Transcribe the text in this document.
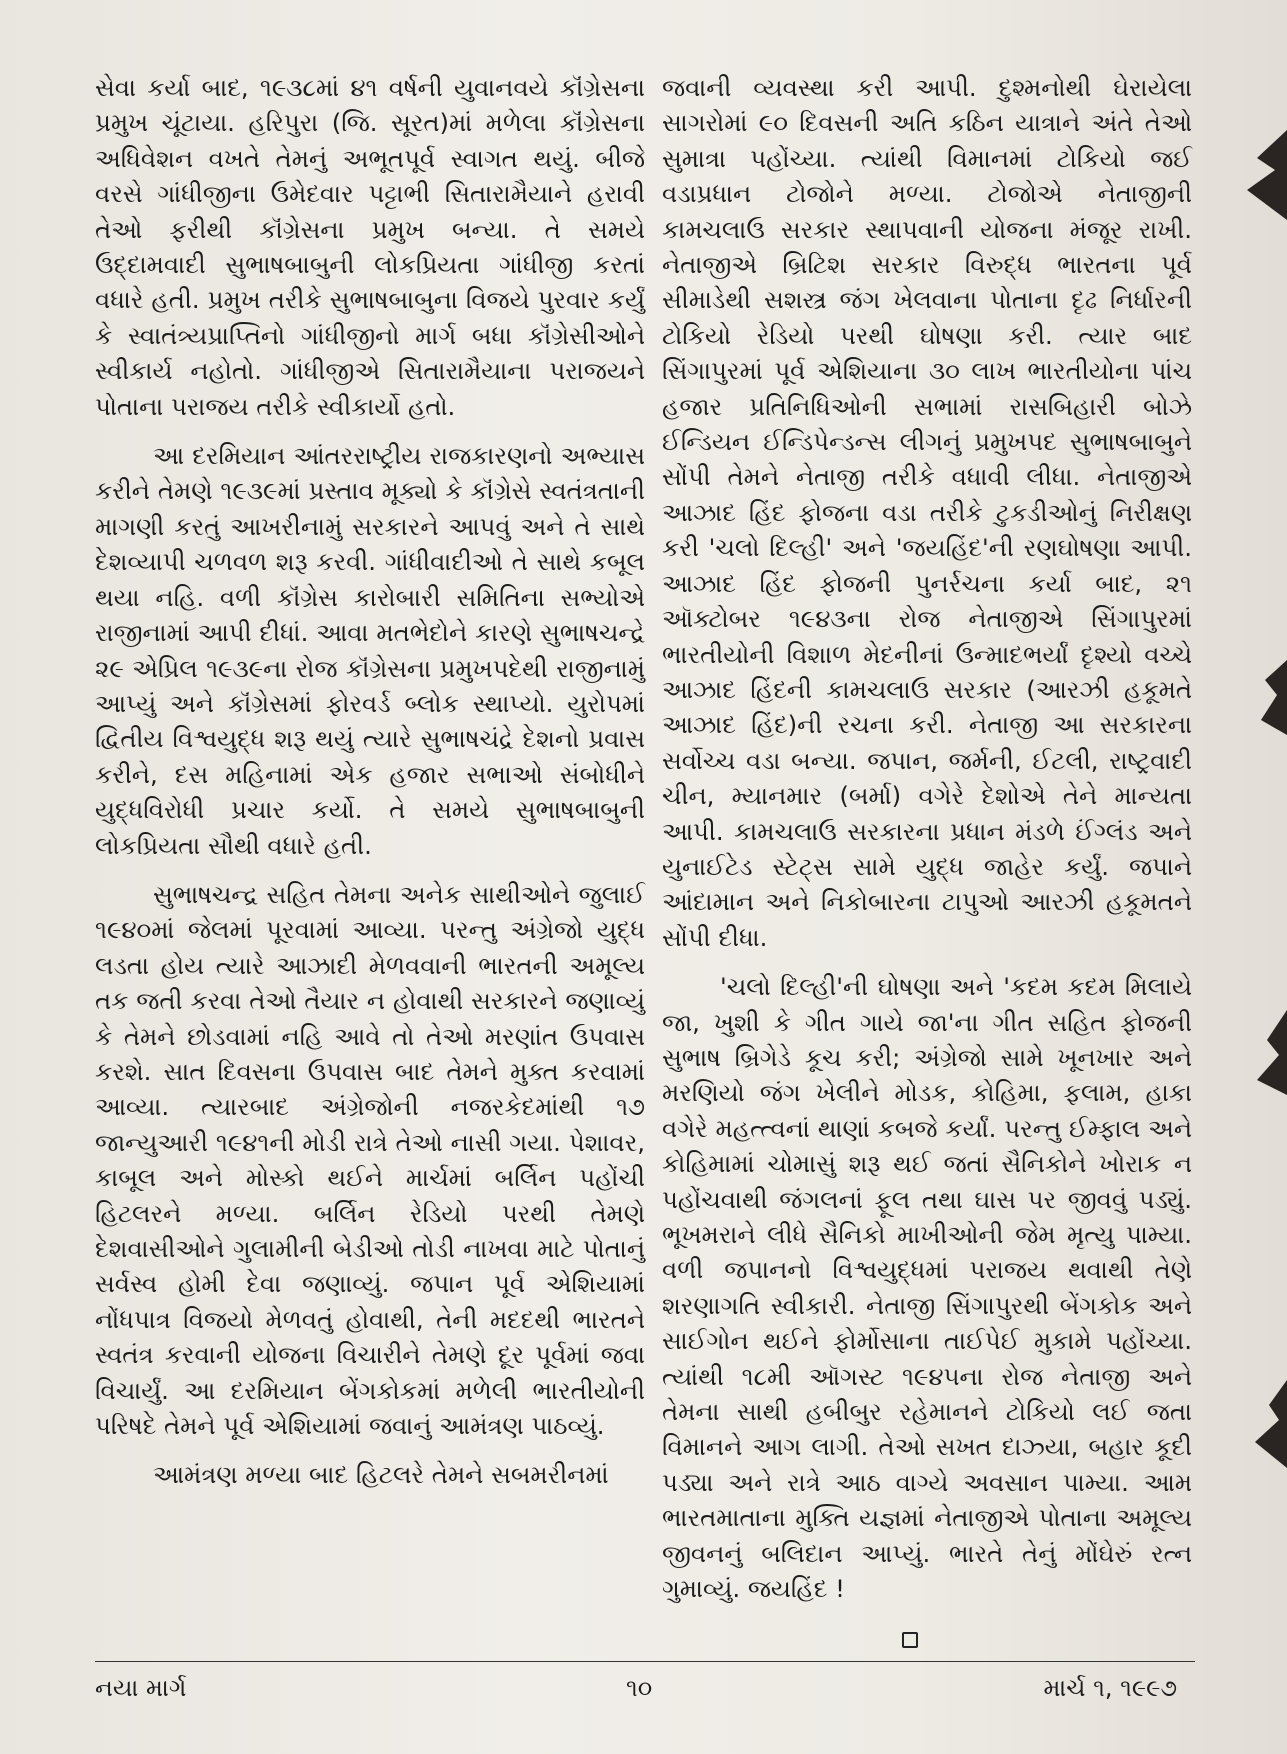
સેવા કર્યા બાદ, ૧૯૩૮માં ૪૧ વર્ષની યુવાનવયે કૉંગ્રેસના પ્રમુખ ચૂંટાયા. હરિપુરા (જિ. સૂરત)માં મળેલા કૉંગ્રેસના અધિવેશન વખતે તેમનું અભૂતપૂર્વ સ્વાગત થયું. બીજે વરસે ગાંધીજીના ઉમેદવાર પટ્ટાભી સિતારામૈયાને હરાવી તેઓ ફરીથી કૉંગ્રેસના પ્રમુખ બન્યા. તે સમયે ઉદ્દામવાદી સુભાષબાબુની લોકપ્રિયતા ગાંધીજી કરતાં વધારે હતી. પ્રમુખ તરીકે સુભાષબાબુના વિજયે પુરવાર કર્યું કે સ્વાતંત્ર્યપ્રાપ્તિનો ગાંધીજીનો માર્ગ બધા કૉંગ્રેસીઓને સ્વીકાર્ય નહોતો. ગાંધીજીએ સિતારામૈયાના પરાજયને પોતાના પરાજય તરીકે સ્વીકાર્યો હતો.

આ દરમિયાન આંતરરાષ્ટ્રીય રાજકારણનો અભ્યાસ કરીને તેમણે ૧૯૩૯માં પ્રસ્તાવ મૂક્યો કે કૉંગ્રેસે સ્વતંત્રતાની માગણી કરતું આખરીનામું સરકારને આપવું અને તે સાથે દેશવ્યાપી ચળવળ શરૂ કરવી. ગાંધીવાદીઓ તે સાથે કબૂલ થયા નહિ. વળી કૉંગ્રેસ કારોબારી સમિતિના સભ્યોએ રાજીનામાં આપી દીધાં. આવા મતભેદોને કારણે સુભાષચન્દ્રે ૨૯ એપ્રિલ ૧૯૩૯ના રોજ કૉંગ્રેસના પ્રમુખપદેથી રાજીનામું આપ્યું અને કૉંગ્રેસમાં ફોરવર્ડ બ્લોક સ્થાપ્યો. યુરોપમાં દ્વિતીય વિશ્વયુદ્ધ શરૂ થયું ત્યારે સુભાષચંદ્રે દેશનો પ્રવાસ કરીને, દસ મહિનામાં એક હજાર સભાઓ સંબોધીને યુદ્ધવિરોધી પ્રચાર કર્યો. તે સમયે સુભાષબાબુની લોકપ્રિયતા સૌથી વધારે હતી.

સુભાષચન્દ્ર સહિત તેમના અનેક સાથીઓને જુલાઈ ૧૯૪૦માં જેલમાં પૂરવામાં આવ્યા. પરન્તુ અંગ્રેજો યુદ્ધ લડતા હોય ત્યારે આઝાદી મેળવવાની ભારતની અમૂલ્ય તક જતી કરવા તેઓ તૈયાર ન હોવાથી સરકારને જણાવ્યું કે તેમને છોડવામાં નહિ આવે તો તેઓ મરણાંત ઉપવાસ કરશે. સાત દિવસના ઉપવાસ બાદ તેમને મુક્ત કરવામાં આવ્યા. ત્યારબાદ અંગ્રેજોની નજરકેદમાંથી ૧૭ જાન્યુઆરી ૧૯૪૧ની મોડી રાત્રે તેઓ નાસી ગયા. પેશાવર, કાબૂલ અને મોસ્કો થઈને માર્ચમાં બર્લિન પહોંચી હિટલરને મળ્યા. બર્લિન રેડિયો પરથી તેમણે દેશવાસીઓને ગુલામીની બેડીઓ તોડી નાખવા માટે પોતાનું સર્વસ્વ હોમી દેવા જણાવ્યું. જપાન પૂર્વ એશિયામાં નોંધપાત્ર વિજયો મેળવતું હોવાથી, તેની મદદથી ભારતને સ્વતંત્ર કરવાની યોજના વિચારીને તેમણે દૂર પૂર્વમાં જવા વિચાર્યું. આ દરમિયાન બેંગકોકમાં મળેલી ભારતીયોની પરિષદે તેમને પૂર્વ એશિયામાં જવાનું આમંત્રણ પાઠવ્યું.

આમંત્રણ મળ્યા બાદ હિટલરે તેમને સબમરીનમાં

જવાની વ્યવસ્થા કરી આપી. દુશ્મનોથી ઘેરાયેલા સાગરોમાં ૯૦ દિવસની અતિ કઠિન યાત્રાને અંતે તેઓ સુમાત્રા પહોંચ્યા. ત્યાંથી વિમાનમાં ટોકિયો જઈ વડાપ્રધાન ટોજોને મળ્યા. ટોજોએ નેતાજીની કામચલાઉ સરકાર સ્થાપવાની યોજના મંજૂર રાખી. નેતાજીએ બ્રિટિશ સરકાર વિરુદ્ધ ભારતના પૂર્વ સીમાડેથી સશસ્ત્ર જંગ ખેલવાના પોતાના દૃઢ નિર્ધારની ટોકિયો રેડિયો પરથી ઘોષણા કરી. ત્યાર બાદ સિંગાપુરમાં પૂર્વ એશિયાના ૩૦ લાખ ભારતીયોના પાંચ હજાર પ્રતિનિધિઓની સભામાં રાસબિહારી બોઝે ઈન્ડિયન ઈન્ડિપેન્ડન્સ લીગનું પ્રમુખપદ સુભાષબાબુને સોંપી તેમને નેતાજી તરીકે વધાવી લીધા. નેતાજીએ આઝાદ હિંદ ફોજના વડા તરીકે ટુકડીઓનું નિરીક્ષણ કરી 'ચલો દિલ્હી' અને 'જયહિંદ'ની રણઘોષણા આપી. આઝાદ હિંદ ફોજની પુનર્રચના કર્યા બાદ, ૨૧ ઑક્ટોબર ૧૯૪૩ના રોજ નેતાજીએ સિંગાપુરમાં ભારતીયોની વિશાળ મેદનીનાં ઉન્માદભર્યાં દૃશ્યો વચ્ચે આઝાદ હિંદની કામચલાઉ સરકાર (આરઝી હકૂમતે આઝાદ હિંદ)ની રચના કરી. નેતાજી આ સરકારના સર્વોચ્ચ વડા બન્યા. જપાન, જર્મની, ઈટલી, રાષ્ટ્રવાદી ચીન, મ્યાનમાર (બર્મા) વગેરે દેશોએ તેને માન્યતા આપી. કામચલાઉ સરકારના પ્રધાન મંડળે ઈંગ્લંડ અને યુનાઈટેડ સ્ટેટ્સ સામે યુદ્ધ જાહેર કર્યું. જપાને આંદામાન અને નિકોબારના ટાપુઓ આરઝી હકૂમતને સોંપી દીધા.

'ચલો દિલ્હી'ની ઘોષણા અને 'કદમ કદમ મિલાયે જા, ખુશી કે ગીત ગાયે જા'ના ગીત સહિત ફોજની સુભાષ બ્રિગેડે કૂચ કરી; અંગ્રેજો સામે ખૂનખાર અને મરણિયો જંગ ખેલીને મોડક, કોહિમા, ફલામ, હાકા વગેરે મહત્ત્વનાં થાણાં કબજે કર્યાં. પરન્તુ ઈમ્ફાલ અને કોહિમામાં ચોમાસું શરૂ થઈ જતાં સૈનિકોને ખોરાક ન પહોંચવાથી જંગલનાં ફૂલ તથા ઘાસ પર જીવવું પડ્યું. ભૂખમરાને લીધે સૈનિકો માખીઓની જેમ મૃત્યુ પામ્યા. વળી જપાનનો વિશ્વયુદ્ધમાં પરાજય થવાથી તેણે શરણાગતિ સ્વીકારી. નેતાજી સિંગાપુરથી બેંગકોક અને સાઈગોન થઈને ફોર્મોસાના તાઈપેઈ મુકામે પહોંચ્યા. ત્યાંથી ૧૮મી ઑગસ્ટ ૧૯૪૫ના રોજ નેતાજી અને તેમના સાથી હબીબુર રહેમાનને ટોકિયો લઈ જતા વિમાનને આગ લાગી. તેઓ સખત દાઝ્યા, બહાર કૂદી પડ્યા અને રાત્રે આઠ વાગ્યે અવસાન પામ્યા. આમ ભારતમાતાના મુક્તિ યજ્ઞમાં નેતાજીએ પોતાના અમૂલ્ય જીવનનું બલિદાન આપ્યું. ભારતે તેનું મોંઘેરું રત્ન ગુમાવ્યું. જયહિંદ !

નયા માર્ગ	૧૦	માર્ચ ૧, ૧૯૯૭
